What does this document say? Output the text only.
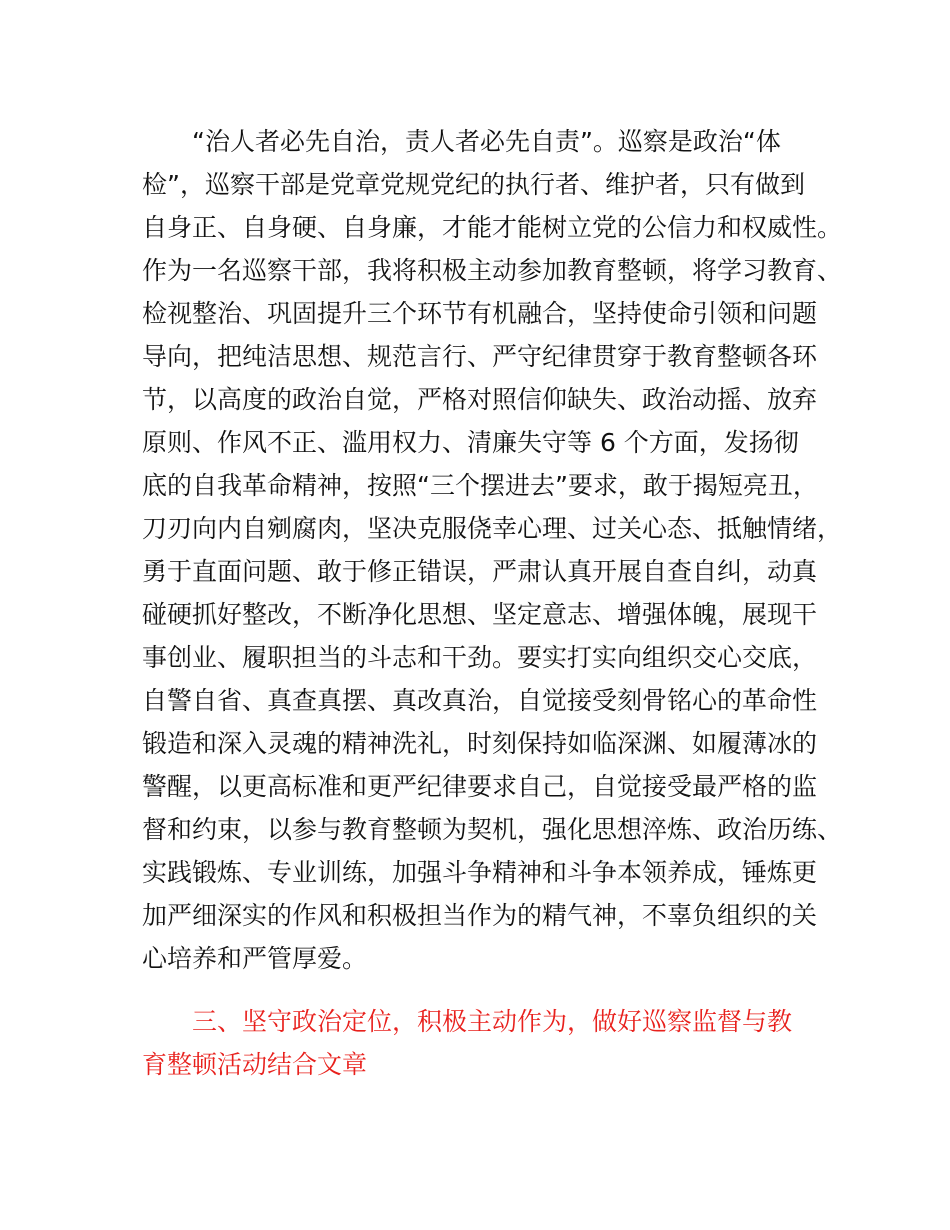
“治人者必先自治，责人者必先自责”。巡察是政治“体
检”，巡察干部是党章党规党纪的执行者、维护者，只有做到
自身正、自身硬、自身廉，才能才能树立党的公信力和权威性。
作为一名巡察干部，我将积极主动参加教育整顿，将学习教育、
检视整治、巩固提升三个环节有机融合，坚持使命引领和问题
导向，把纯洁思想、规范言行、严守纪律贯穿于教育整顿各环
节，以高度的政治自觉，严格对照信仰缺失、政治动摇、放弃
原则、作风不正、滥用权力、清廉失守等 6 个方面，发扬彻
底的自我革命精神，按照“三个摆进去”要求，敢于揭短亮丑，
刀刃向内自剜腐肉，坚决克服侥幸心理、过关心态、抵触情绪，
勇于直面问题、敢于修正错误，严肃认真开展自查自纠，动真
碰硬抓好整改，不断净化思想、坚定意志、增强体魄，展现干
事创业、履职担当的斗志和干劲。要实打实向组织交心交底，
自警自省、真查真摆、真改真治，自觉接受刻骨铭心的革命性
锻造和深入灵魂的精神洗礼，时刻保持如临深渊、如履薄冰的
警醒，以更高标准和更严纪律要求自己，自觉接受最严格的监
督和约束，以参与教育整顿为契机，强化思想淬炼、政治历练、
实践锻炼、专业训练，加强斗争精神和斗争本领养成，锤炼更
加严细深实的作风和积极担当作为的精气神，不辜负组织的关
心培养和严管厚爱。
三、坚守政治定位，积极主动作为，做好巡察监督与教
育整顿活动结合文章
